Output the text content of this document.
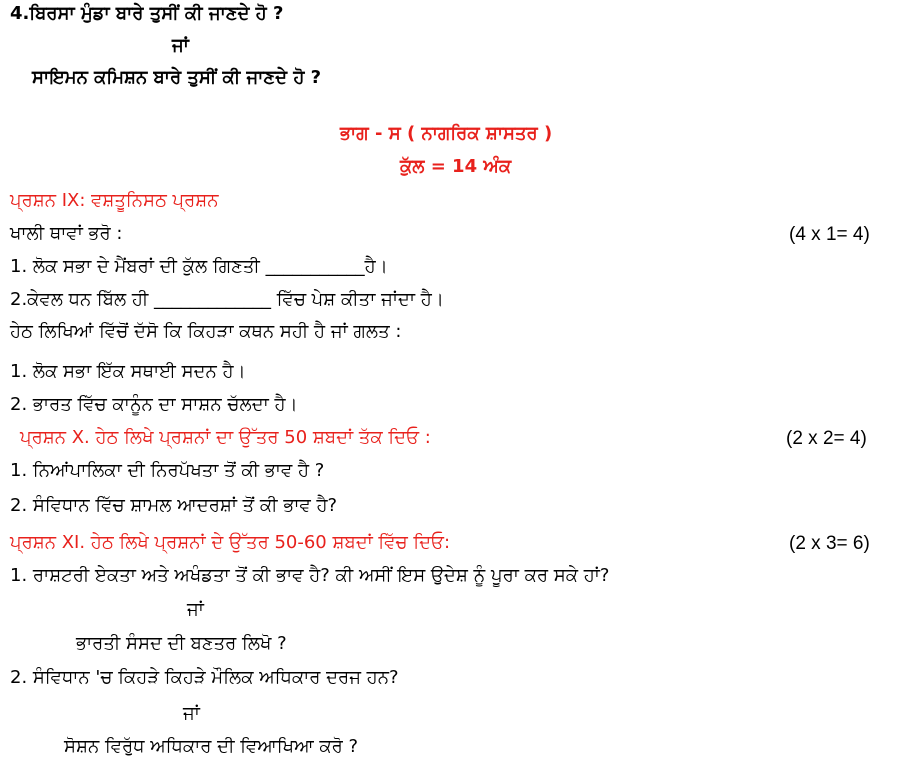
4.ਬਿਰਸਾ ਮੁੰਡਾ ਬਾਰੇ ਤੁਸੀਂ ਕੀ ਜਾਣਦੇ ਹੋ ?

ਜਾਂ

ਸਾਇਮਨ ਕਮਿਸ਼ਨ ਬਾਰੇ ਤੁਸੀਂ ਕੀ ਜਾਣਦੇ ਹੋ ?

ਭਾਗ - ਸ ( ਨਾਗਰਿਕ ਸ਼ਾਸਤਰ )

ਕੁੱਲ = 14 ਅੰਕ

ਪ੍ਰਸ਼ਨ IX: ਵਸ਼ਤੂਨਿਸਠ ਪ੍ਰਸ਼ਨ

ਖਾਲੀ ਥਾਵਾਂ ਭਰੋ :	(4 x 1= 4)

1. ਲੋਕ ਸਭਾ ਦੇ ਮੈਂਬਰਾਂ ਦੀ ਕੁੱਲ ਗਿਣਤੀ ___________ਹੈ।

2.ਕੇਵਲ ਧਨ ਬਿੱਲ ਹੀ _____________ ਵਿੱਚ ਪੇਸ਼ ਕੀਤਾ ਜਾਂਦਾ ਹੈ।

ਹੇਠ ਲਿਖਿਆਂ ਵਿੱਚੋਂ ਦੱਸੋ ਕਿ ਕਿਹੜਾ ਕਥਨ ਸਹੀ ਹੈ ਜਾਂ ਗਲਤ :

1. ਲੋਕ ਸਭਾ ਇੱਕ ਸਥਾਈ ਸਦਨ ਹੈ।

2. ਭਾਰਤ ਵਿੱਚ ਕਾਨੂੰਨ ਦਾ ਸਾਸ਼ਨ ਚੱਲਦਾ ਹੈ।

ਪ੍ਰਸ਼ਨ X. ਹੇਠ ਲਿਖੇ ਪ੍ਰਸ਼ਨਾਂ ਦਾ ਉੱਤਰ 50 ਸ਼ਬਦਾਂ ਤੱਕ ਦਿਓ :	(2 x 2= 4)

1. ਨਿਆਂਪਾਲਿਕਾ ਦੀ ਨਿਰਪੱਖਤਾ ਤੋਂ ਕੀ ਭਾਵ ਹੈ ?

2. ਸੰਵਿਧਾਨ ਵਿੱਚ ਸ਼ਾਮਲ ਆਦਰਸ਼ਾਂ ਤੋਂ ਕੀ ਭਾਵ ਹੈ?

ਪ੍ਰਸ਼ਨ XI. ਹੇਠ ਲਿਖੇ ਪ੍ਰਸ਼ਨਾਂ ਦੇ ਉੱਤਰ 50-60 ਸ਼ਬਦਾਂ ਵਿੱਚ ਦਿਓ:	(2 x 3= 6)

1. ਰਾਸ਼ਟਰੀ ਏਕਤਾ ਅਤੇ ਅਖੰਡਤਾ ਤੋਂ ਕੀ ਭਾਵ ਹੈ? ਕੀ ਅਸੀਂ ਇਸ ਉਦੇਸ਼ ਨੂੰ ਪੂਰਾ ਕਰ ਸਕੇ ਹਾਂ?

ਜਾਂ

ਭਾਰਤੀ ਸੰਸਦ ਦੀ ਬਣਤਰ ਲਿਖੋ ?

2. ਸੰਵਿਧਾਨ 'ਚ ਕਿਹੜੇ ਕਿਹੜੇ ਮੌਲਿਕ ਅਧਿਕਾਰ ਦਰਜ ਹਨ?

ਜਾਂ

ਸੋਸ਼ਨ ਵਿਰੁੱਧ ਅਧਿਕਾਰ ਦੀ ਵਿਆਖਿਆ ਕਰੋ ?
